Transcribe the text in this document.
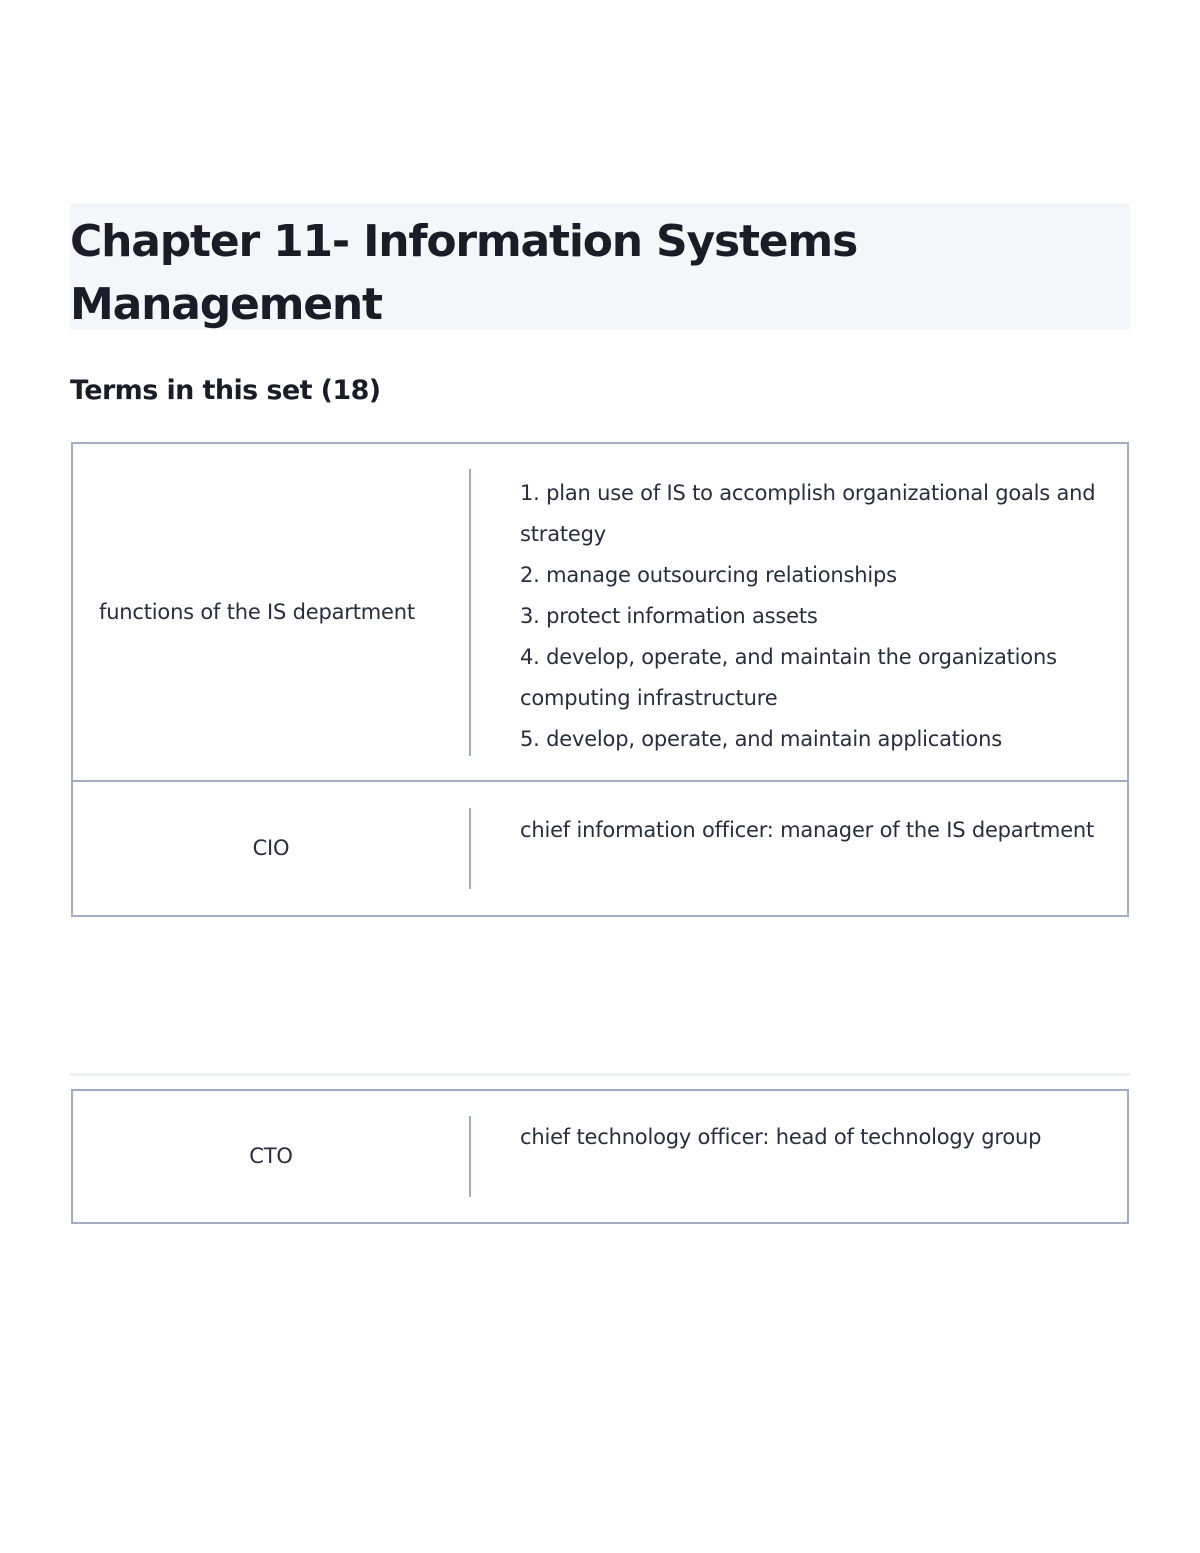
Chapter 11- Information Systems Management
Terms in this set (18)
functions of the IS department
1. plan use of IS to accomplish organizational goals and strategy
2. manage outsourcing relationships
3. protect information assets
4. develop, operate, and maintain the organizations computing infrastructure
5. develop, operate, and maintain applications
CIO
chief information officer: manager of the IS department
CTO
chief technology officer: head of technology group
